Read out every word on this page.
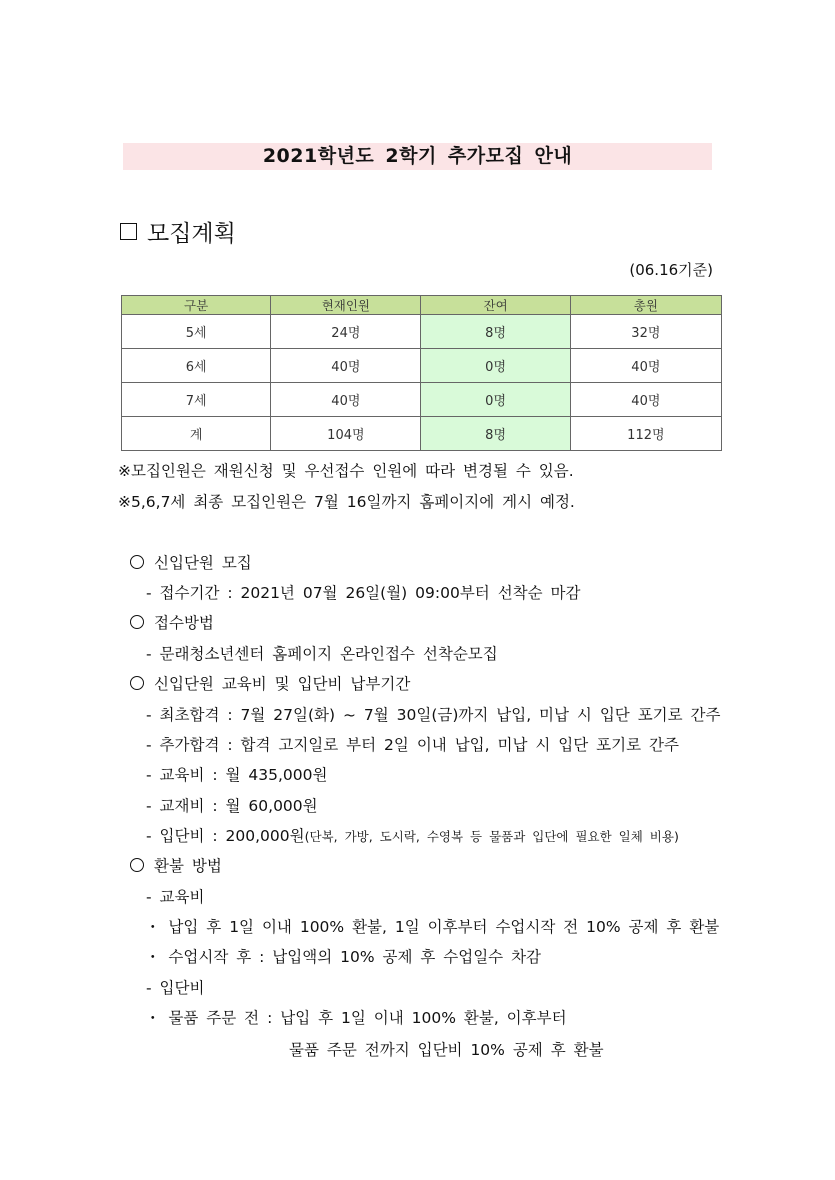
2021학년도 2학기 추가모집 안내
모집계획
(06.16기준)
구분	현재인원	잔여	총원
5세	24명	8명	32명
6세	40명	0명	40명
7세	40명	0명	40명
계	104명	8명	112명
※모집인원은 재원신청 및 우선접수 인원에 따라 변경될 수 있음.
※5,6,7세 최종 모집인원은 7월 16일까지 홈페이지에 게시 예정.
신입단원 모집
- 접수기간 : 2021년 07월 26일(월) 09:00부터 선착순 마감
접수방법
- 문래청소년센터 홈페이지 온라인접수 선착순모집
신입단원 교육비 및 입단비 납부기간
- 최초합격 : 7월 27일(화) ~ 7월 30일(금)까지 납입, 미납 시 입단 포기로 간주
- 추가합격 : 합격 고지일로 부터 2일 이내 납입, 미납 시 입단 포기로 간주
- 교육비 : 월 435,000원
- 교재비 : 월 60,000원
- 입단비 : 200,000원(단복, 가방, 도시락, 수영복 등 물품과 입단에 필요한 일체 비용)
환불 방법
- 교육비
・ 납입 후 1일 이내 100% 환불, 1일 이후부터 수업시작 전 10% 공제 후 환불
・ 수업시작 후 : 납입액의 10% 공제 후 수업일수 차감
- 입단비
・ 물품 주문 전 : 납입 후 1일 이내 100% 환불, 이후부터
물품 주문 전까지 입단비 10% 공제 후 환불
